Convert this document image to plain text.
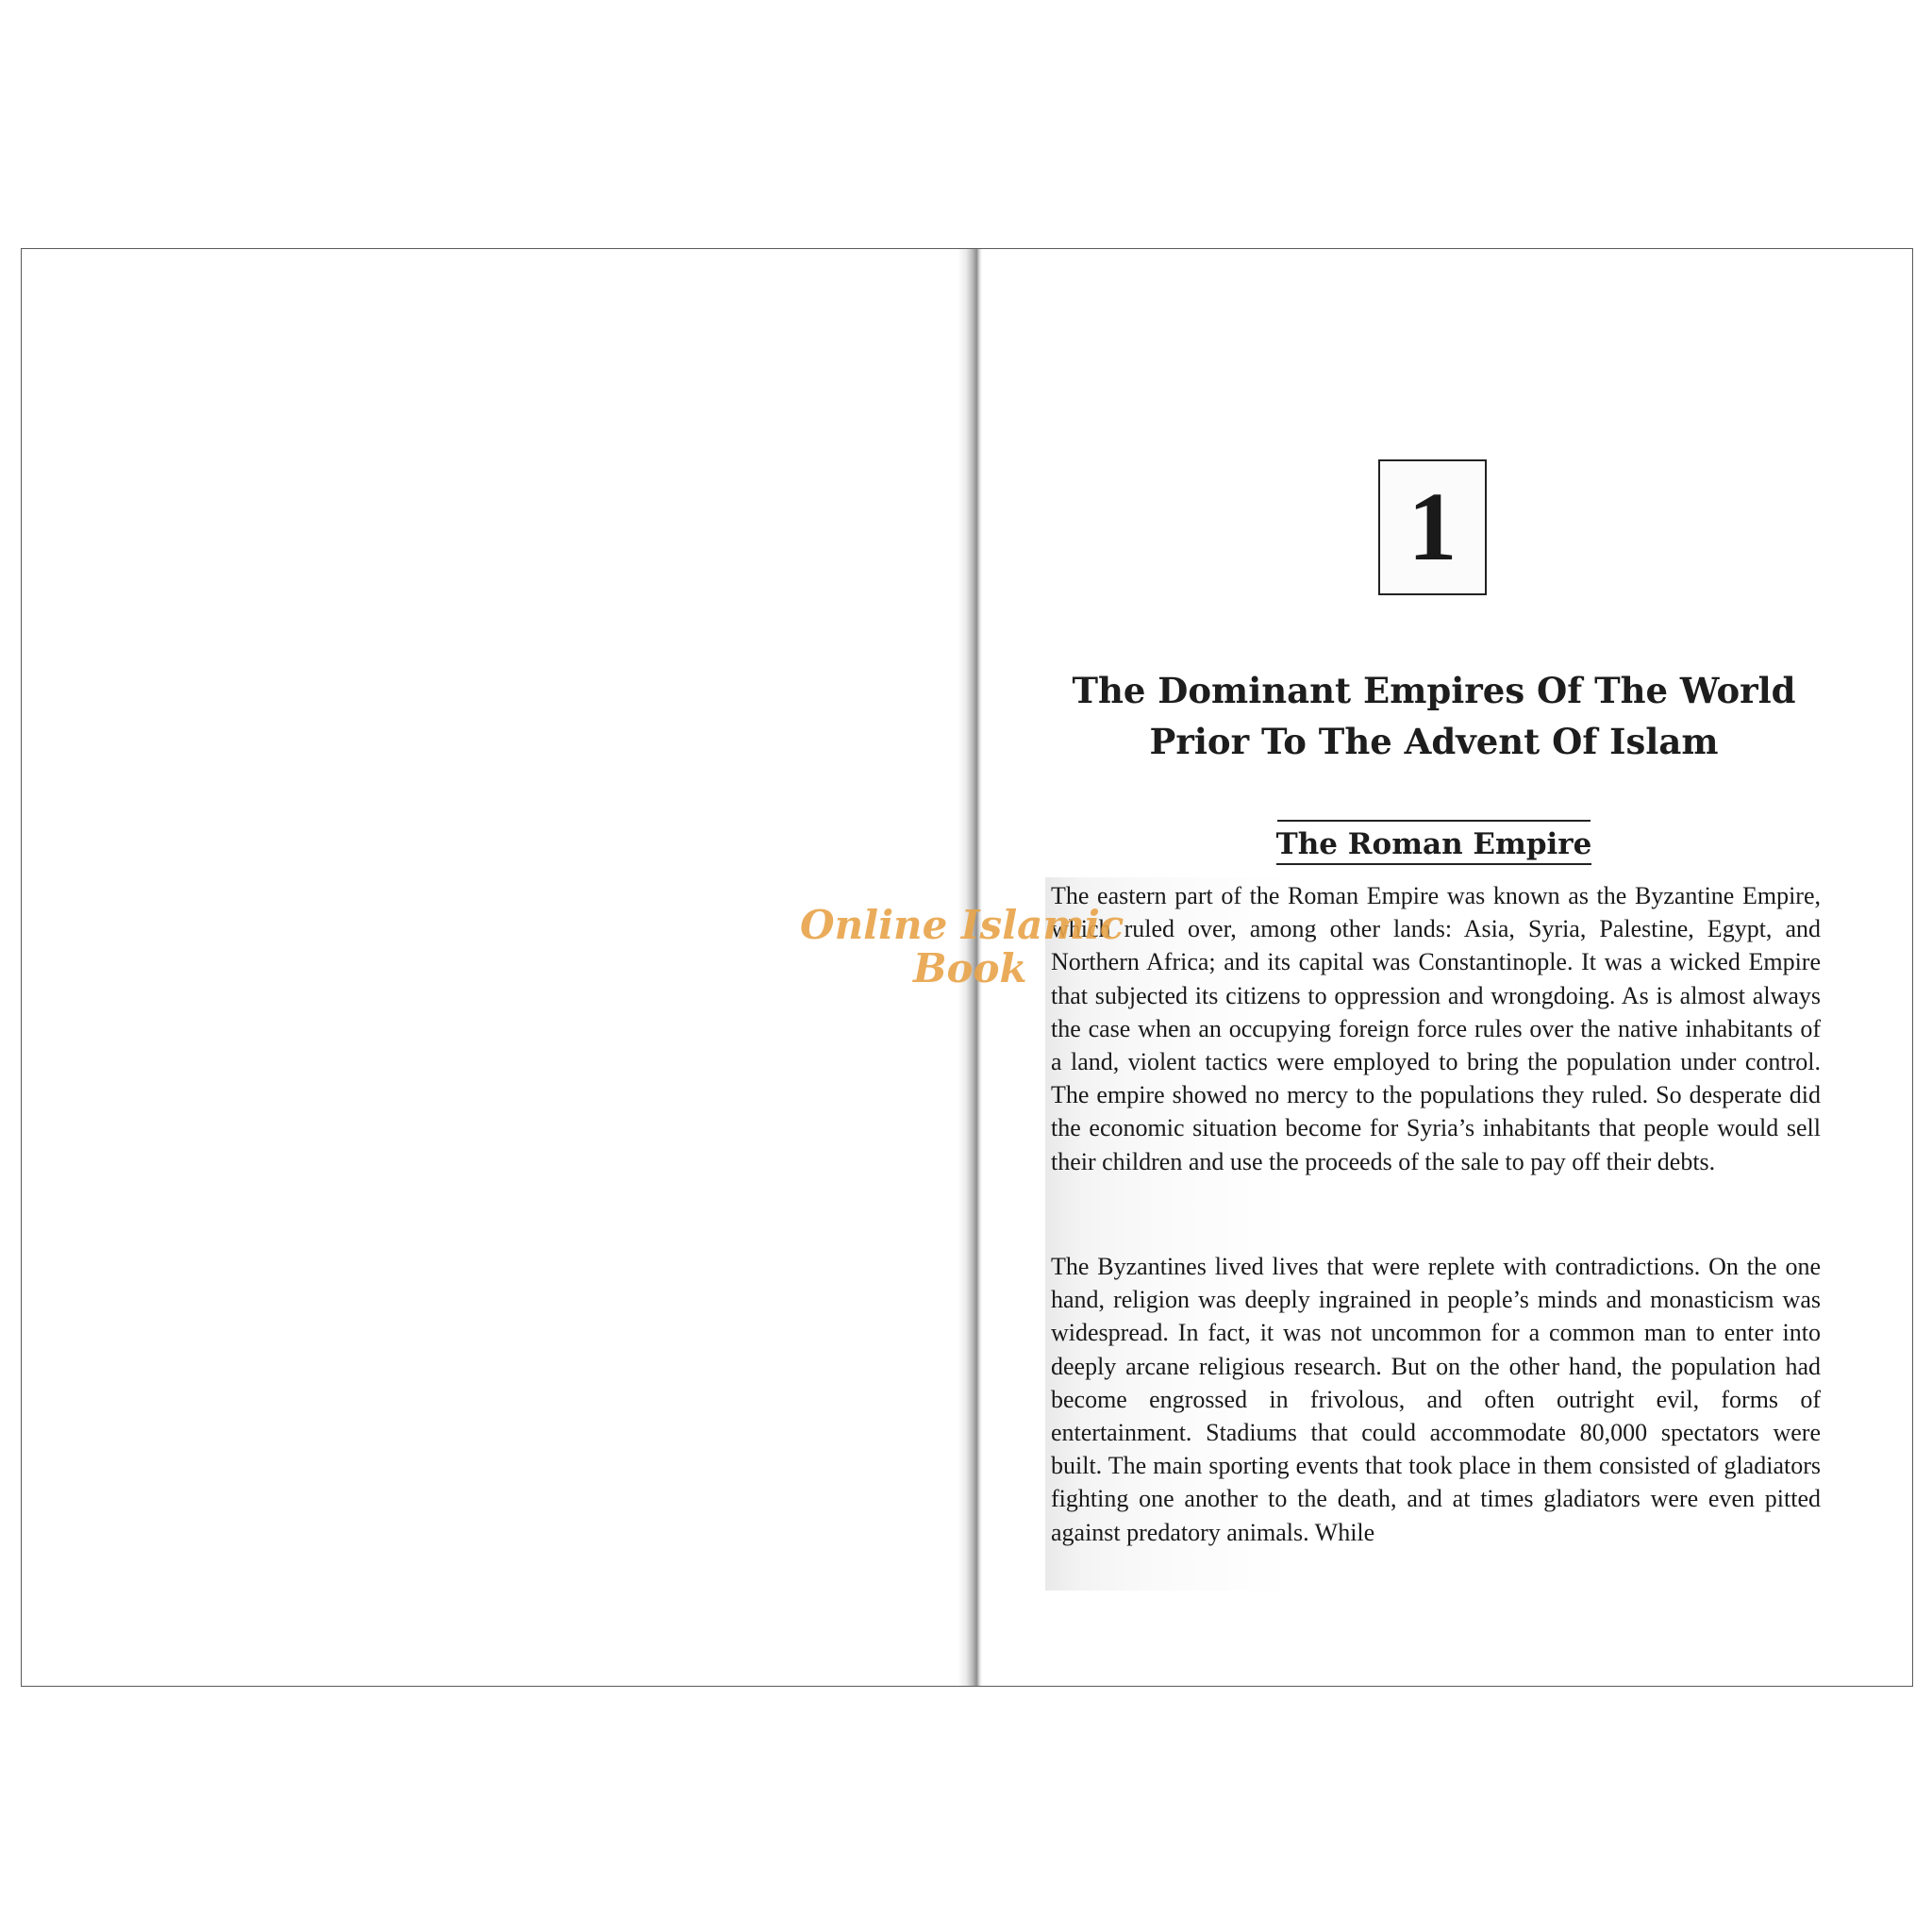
1
The Dominant Empires Of The World
Prior To The Advent Of Islam
The Roman Empire

The eastern part of the Roman Empire was known as the Byzantine Empire, which ruled over, among other lands: Asia, Syria, Palestine, Egypt, and Northern Africa; and its capital was Constantinople. It was a wicked Empire that subjected its citizens to oppression and wrongdoing. As is almost always the case when an occupying foreign force rules over the native inhabitants of a land, violent tactics were employed to bring the population under control. The empire showed no mercy to the populations they ruled. So desperate did the economic situation become for Syria’s inhabitants that people would sell their children and use the proceeds of the sale to pay off their debts.

The Byzantines lived lives that were replete with contradictions. On the one hand, religion was deeply ingrained in people’s minds and monasticism was widespread. In fact, it was not uncommon for a common man to enter into deeply arcane religious research. But on the other hand, the population had become engrossed in frivolous, and often outright evil, forms of entertainment. Stadiums that could accommodate 80,000 spectators were built. The main sporting events that took place in them consisted of gladiators fighting one another to the death, and at times gladiators were even pitted against predatory animals. While

Online Islamic
Book
